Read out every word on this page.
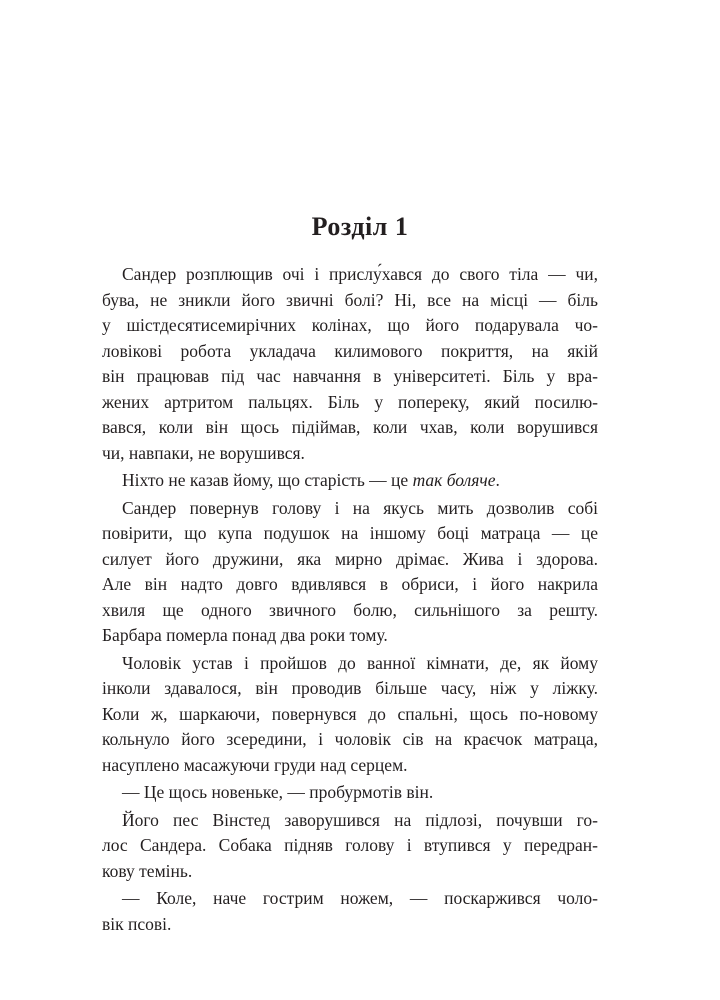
Розділ 1
Сандер розплющив очі і прислу́хався до свого тіла — чи,
бува, не зникли його звичні болі? Ні, все на місці — біль
у шістдесятисемирічних колінах, що його подарувала чо-
ловікові робота укладача килимового покриття, на якій
він працював під час навчання в університеті. Біль у вра-
жених артритом пальцях. Біль у попереку, який посилю-
вався, коли він щось підіймав, коли чхав, коли ворушився
чи, навпаки, не ворушився.
Ніхто не казав йому, що старість — це так боляче.
Сандер повернув голову і на якусь мить дозволив собі
повірити, що купа подушок на іншому боці матраца — це
силует його дружини, яка мирно дрімає. Жива і здорова.
Але він надто довго вдивлявся в обриси, і його накрила
хвиля ще одного звичного болю, сильнішого за решту.
Барбара померла понад два роки тому.
Чоловік устав і пройшов до ванної кімнати, де, як йому
інколи здавалося, він проводив більше часу, ніж у ліжку.
Коли ж, шаркаючи, повернувся до спальні, щось по-новому
кольнуло його зсередини, і чоловік сів на краєчок матраца,
насуплено масажуючи груди над серцем.
— Це щось новеньке, — пробурмотів він.
Його пес Вінстед заворушився на підлозі, почувши го-
лос Сандера. Собака підняв голову і втупився у передран-
кову темінь.
— Коле, наче гострим ножем, — поскаржився чоло-
вік псові.
